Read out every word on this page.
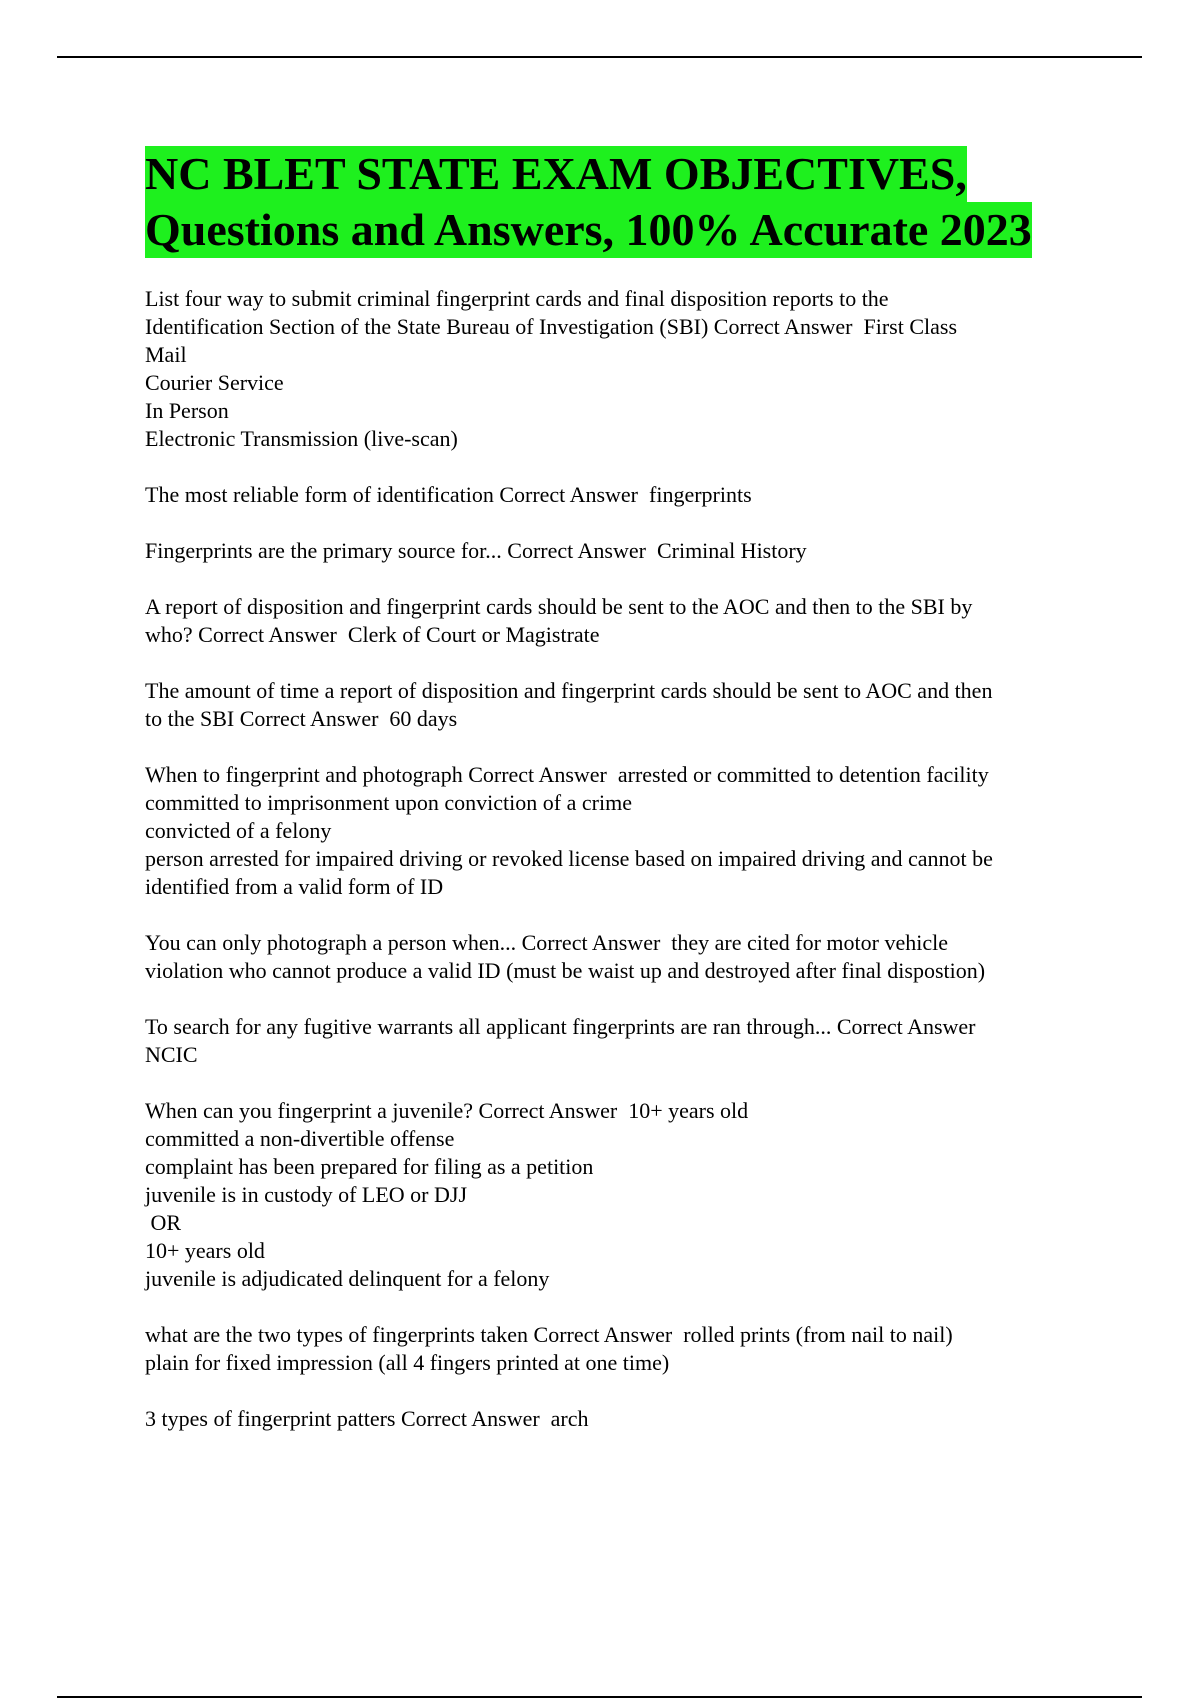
NC BLET STATE EXAM OBJECTIVES,
Questions and Answers, 100% Accurate 2023
List four way to submit criminal fingerprint cards and final disposition reports to the
Identification Section of the State Bureau of Investigation (SBI) Correct Answer  First Class
Mail
Courier Service
In Person
Electronic Transmission (live-scan)
The most reliable form of identification Correct Answer  fingerprints
Fingerprints are the primary source for... Correct Answer  Criminal History
A report of disposition and fingerprint cards should be sent to the AOC and then to the SBI by
who? Correct Answer  Clerk of Court or Magistrate
The amount of time a report of disposition and fingerprint cards should be sent to AOC and then
to the SBI Correct Answer  60 days
When to fingerprint and photograph Correct Answer  arrested or committed to detention facility
committed to imprisonment upon conviction of a crime
convicted of a felony
person arrested for impaired driving or revoked license based on impaired driving and cannot be
identified from a valid form of ID
You can only photograph a person when... Correct Answer  they are cited for motor vehicle
violation who cannot produce a valid ID (must be waist up and destroyed after final dispostion)
To search for any fugitive warrants all applicant fingerprints are ran through... Correct Answer
NCIC
When can you fingerprint a juvenile? Correct Answer  10+ years old
committed a non-divertible offense
complaint has been prepared for filing as a petition
juvenile is in custody of LEO or DJJ
OR
10+ years old
juvenile is adjudicated delinquent for a felony
what are the two types of fingerprints taken Correct Answer  rolled prints (from nail to nail)
plain for fixed impression (all 4 fingers printed at one time)
3 types of fingerprint patters Correct Answer  arch
